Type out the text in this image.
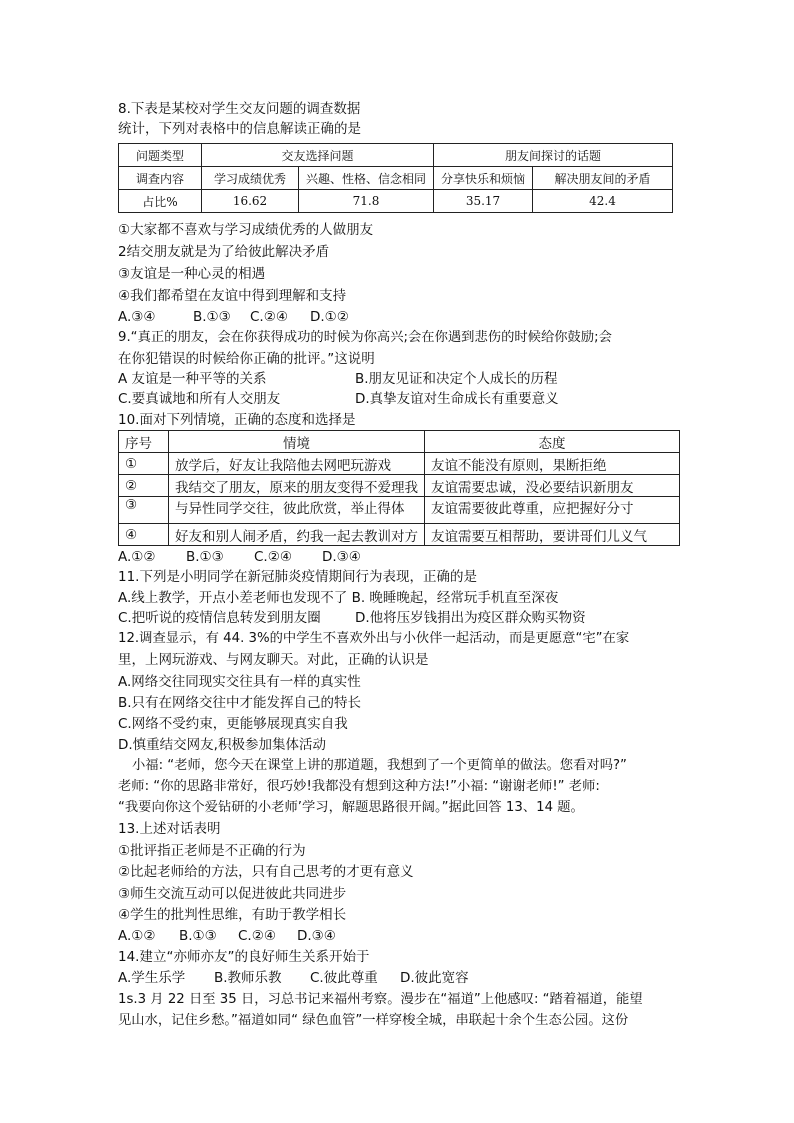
8.下表是某校对学生交友问题的调查数据
统计，下列对表格中的信息解读正确的是
问题类型	交友选择问题		朋友间探讨的话题	
调查内容	学习成绩优秀	兴趣、性格、信念相同	分享快乐和烦恼	解决朋友间的矛盾
占比%	16.62	71.8	35.17	42.4
①大家都不喜欢与学习成绩优秀的人做朋友
2结交朋友就是为了给彼此解决矛盾
③友谊是一种心灵的相遇
④我们都希望在友谊中得到理解和支持
A.③④	B.①③ C.②④ D.①②
9.“真正的朋友，会在你获得成功的时候为你高兴;会在你遇到悲伤的时候给你鼓励;会
在你犯错误的时候给你正确的批评。”这说明
A 友谊是一种平等的关系	B.朋友见证和决定个人成长的历程
C.要真诚地和所有人交朋友	D.真挚友谊对生命成长有重要意义
10.面对下列情境，正确的态度和选择是
序号	情境	态度
①	放学后，好友让我陪他去网吧玩游戏	友谊不能没有原则，果断拒绝
②	我结交了朋友，原来的朋友变得不爱理我	友谊需要忠诚，没必要结识新朋友
③	与异性同学交往，彼此欣赏，举止得体	友谊需要彼此尊重，应把握好分寸
④	好友和别人闹矛盾，约我一起去教训对方	友谊需要互相帮助，要讲哥们儿义气
A.①② B.①③ C.②④ D.③④
11.下列是小明同学在新冠肺炎疫情期间行为表现，正确的是
A.线上教学，开点小差老师也发现不了 B. 晚睡晚起，经常玩手机直至深夜
C.把听说的疫情信息转发到朋友圈	D.他将压岁钱捐出为疫区群众购买物资
12.调查显示，有 44. 3%的中学生不喜欢外出与小伙伴一起活动，而是更愿意“宅”在家
里，上网玩游戏、与网友聊天。对此，正确的认识是
A.网络交往同现实交往具有一样的真实性
B.只有在网络交往中才能发挥自己的特长
C.网络不受约束，更能够展现真实自我
D.慎重结交网友,积极参加集体活动
小福: “老师，您今天在课堂上讲的那道题，我想到了一个更简单的做法。您看对吗?”
老师: “你的思路非常好，很巧妙!我都没有想到这种方法!”小福: “谢谢老师!” 老师:
“我要向你这个爱钻研的小老师’学习，解题思路很开阔。”据此回答 13、14 题。
13.上述对话表明
①批评指正老师是不正确的行为
②比起老师给的方法，只有自己思考的才更有意义
③师生交流互动可以促进彼此共同进步
④学生的批判性思维，有助于教学相长
A.①② B.①③ C.②④ D.③④
14.建立“亦师亦友”的良好师生关系开始于
A.学生乐学 B.教师乐教 C.彼此尊重 D.彼此宽容
1s.3 月 22 日至 35 日，习总书记来福州考察。漫步在“福道”上他感叹: “踏着福道，能望
见山水，记住乡愁。”福道如同“ 绿色血管”一样穿梭全城，串联起十余个生态公园。这份
